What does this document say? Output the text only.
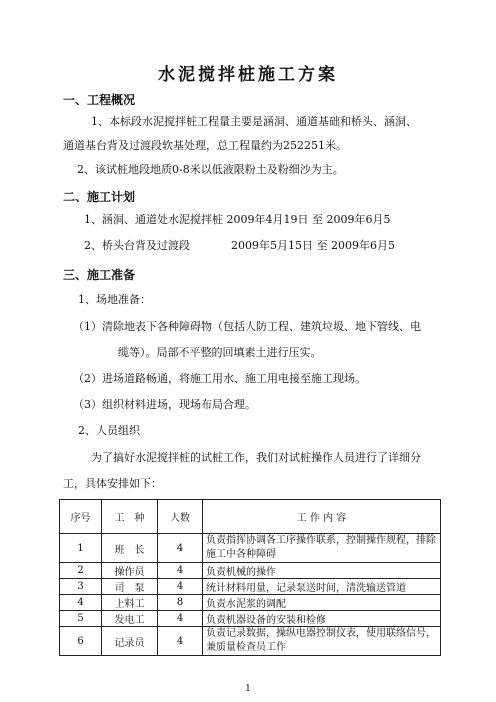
水泥搅拌桩施工方案
一、工程概况
1、本标段水泥搅拌桩工程量主要是涵洞、通道基础和桥头、涵洞、
通道基台背及过渡段软基处理，总工程量约为252251米。
2、该试桩地段地质0-8米以低液限粉土及粉细沙为主。
二、施工计划
1、涵洞、通道处水泥搅拌桩 2009年4月19日 至 2009年6月5
2、桥头台背及过渡段	2009年5月15日 至 2009年6月5
三、施工准备
1、场地准备：
（1）清除地表下各种障碍物（包括人防工程、建筑垃圾、地下管线、电
缆等）。局部不平整的回填素土进行压实。
（2）进场道路畅通，将施工用水、施工用电接至施工现场。
（3）组织材料进场，现场布局合理。
2、人员组织
为了搞好水泥搅拌桩的试桩工作，我们对试桩操作人员进行了详细分
工，具体安排如下：
序号	工　种	人数	工 作 内 容
1	班　长	4	负责指挥协调各工序操作联系，控制操作规程，排除施工中各种障碍
2	操作员	4	负责机械的操作
3	司　泵	4	统计材料用量，记录泵送时间，清洗输送管道
4	上料工	8	负责水泥浆的调配
5	发电工	4	负责机器设备的安装和检修
6	记录员	4	负责记录数据，操纵电器控制仪表，使用联络信号，兼质量检查员工作
1
